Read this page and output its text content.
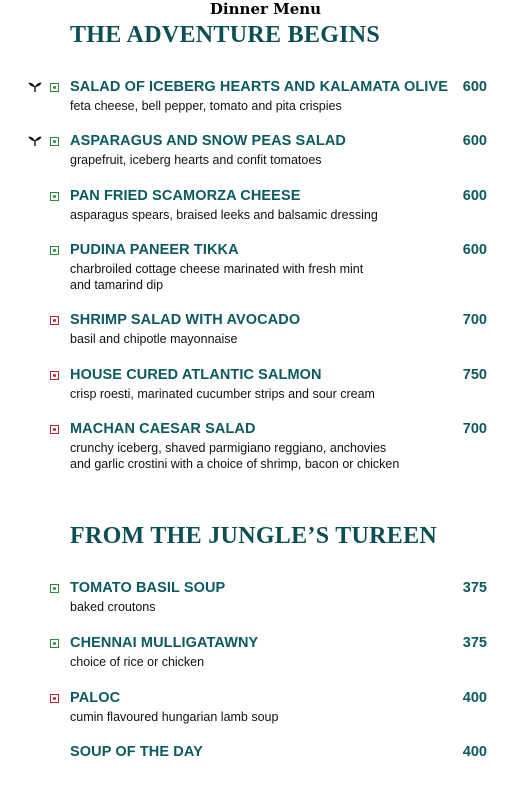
Dinner Menu
THE ADVENTURE BEGINS
FROM THE JUNGLE’S TUREEN
SALAD OF ICEBERG HEARTS AND KALAMATA OLIVE 600
feta cheese, bell pepper, tomato and pita crispies
ASPARAGUS AND SNOW PEAS SALAD	600
grapefruit, iceberg hearts and confit tomatoes
PAN FRIED SCAMORZA CHEESE	600
asparagus spears, braised leeks and balsamic dressing
PUDINA PANEER TIKKA	600
charbroiled cottage cheese marinated with fresh mint
and tamarind dip
SHRIMP SALAD WITH AVOCADO	700
basil and chipotle mayonnaise
HOUSE CURED ATLANTIC SALMON	750
crisp roesti, marinated cucumber strips and sour cream
MACHAN CAESAR SALAD	700
crunchy iceberg, shaved parmigiano reggiano, anchovies
and garlic crostini with a choice of shrimp, bacon or chicken
TOMATO BASIL SOUP	375
baked croutons
CHENNAI MULLIGATAWNY	375
choice of rice or chicken
PALOC	400
cumin flavoured hungarian lamb soup
SOUP OF THE DAY	400
